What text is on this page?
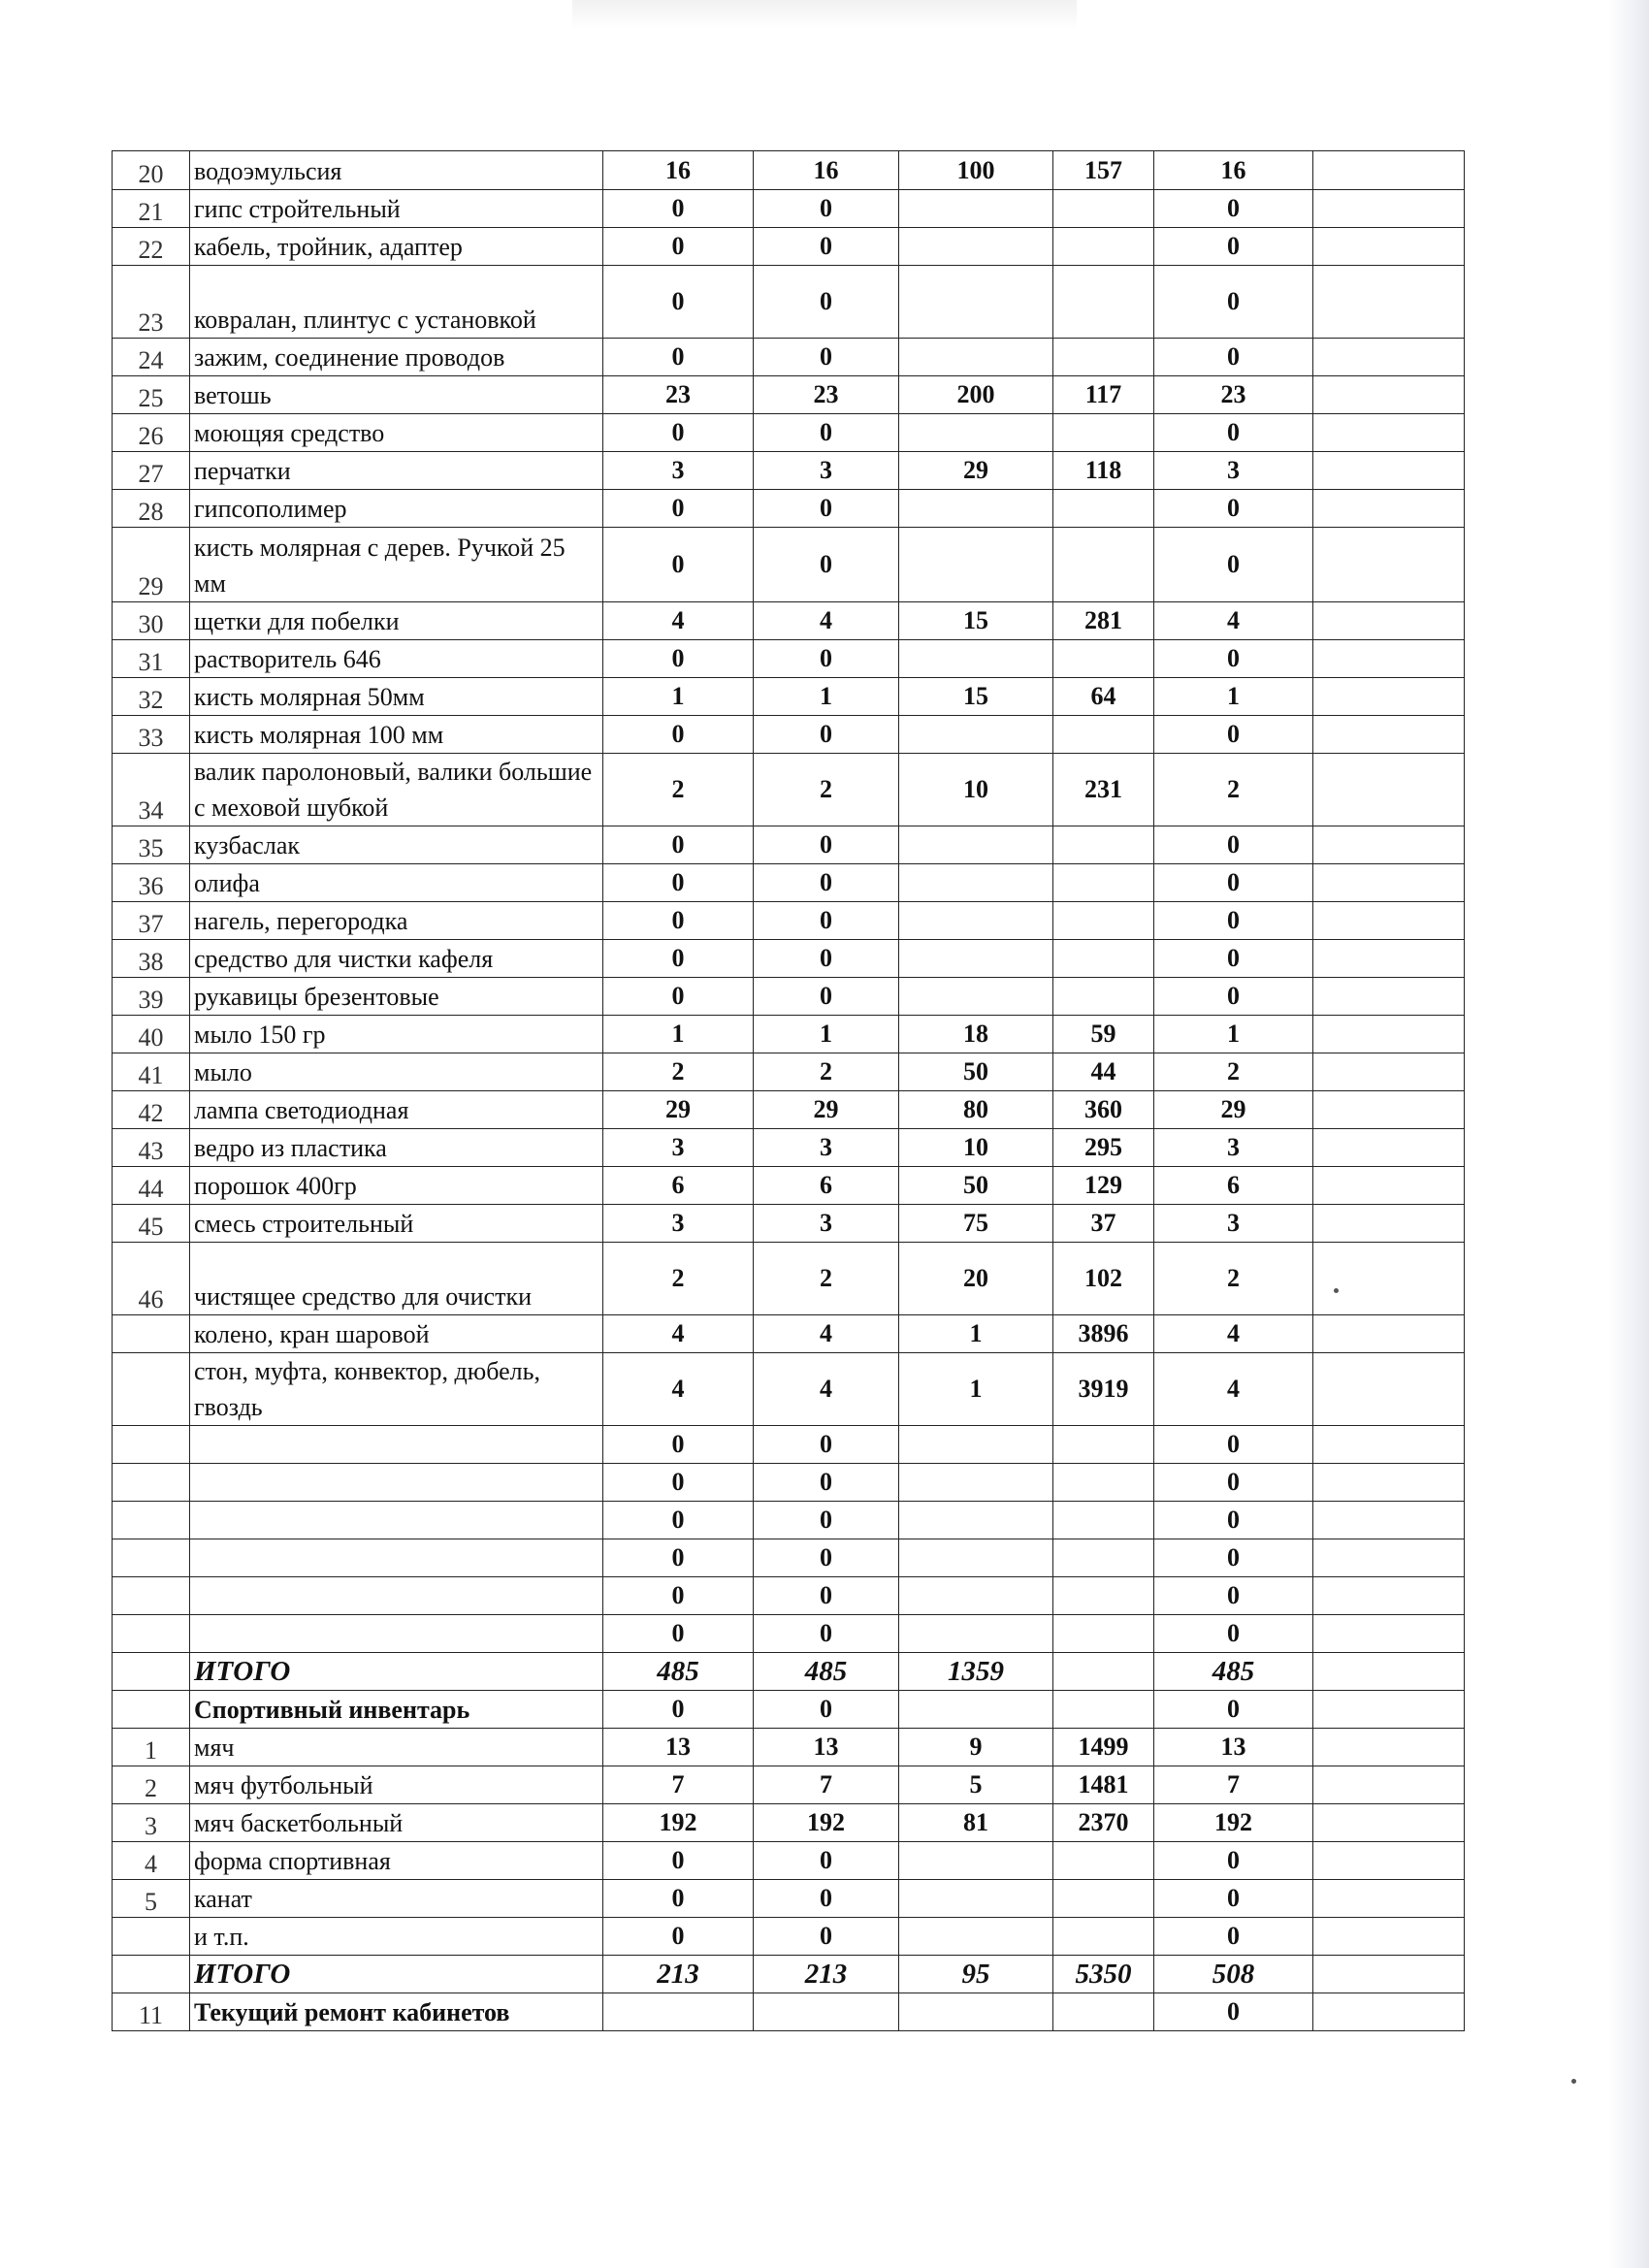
20	водоэмульсия	16	16	100	157	16	
21	гипс стройтельный	0	0			0	
22	кабель, тройник, адаптер	0	0			0	
23	ковралан, плинтус с установкой	0	0			0	
24	зажим, соединение проводов	0	0			0	
25	ветошь	23	23	200	117	23	
26	моющяя средство	0	0			0	
27	перчатки	3	3	29	118	3	
28	гипсополимер	0	0			0	
29	кисть молярная с дерев. Ручкой 25 мм	0	0			0	
30	щетки для побелки	4	4	15	281	4	
31	растворитель 646	0	0			0	
32	кисть молярная 50мм	1	1	15	64	1	
33	кисть молярная 100 мм	0	0			0	
34	валик паролоновый, валики большие с меховой шубкой	2	2	10	231	2	
35	кузбаслак	0	0			0	
36	олифа	0	0			0	
37	нагель, перегородка	0	0			0	
38	средство для чистки кафеля	0	0			0	
39	рукавицы брезентовые	0	0			0	
40	мыло 150 гр	1	1	18	59	1	
41	мыло	2	2	50	44	2	
42	лампа светодиодная	29	29	80	360	29	
43	ведро из пластика	3	3	10	295	3	
44	порошок 400гр	6	6	50	129	6	
45	смесь строительный	3	3	75	37	3	
46	чистящее средство для очистки	2	2	20	102	2	
	колено, кран шаровой	4	4	1	3896	4	
	стон, муфта, конвектор, дюбель, гвоздь	4	4	1	3919	4	
		0	0			0	
		0	0			0	
		0	0			0	
		0	0			0	
		0	0			0	
		0	0			0	
	ИТОГО	485	485	1359		485	
	Спортивный инвентарь	0	0			0	
1	мяч	13	13	9	1499	13	
2	мяч футбольный	7	7	5	1481	7	
3	мяч баскетбольный	192	192	81	2370	192	
4	форма спортивная	0	0			0	
5	канат	0	0			0	
	и т.п.	0	0			0	
	ИТОГО	213	213	95	5350	508	
11	Текущий ремонт кабинетов					0	
